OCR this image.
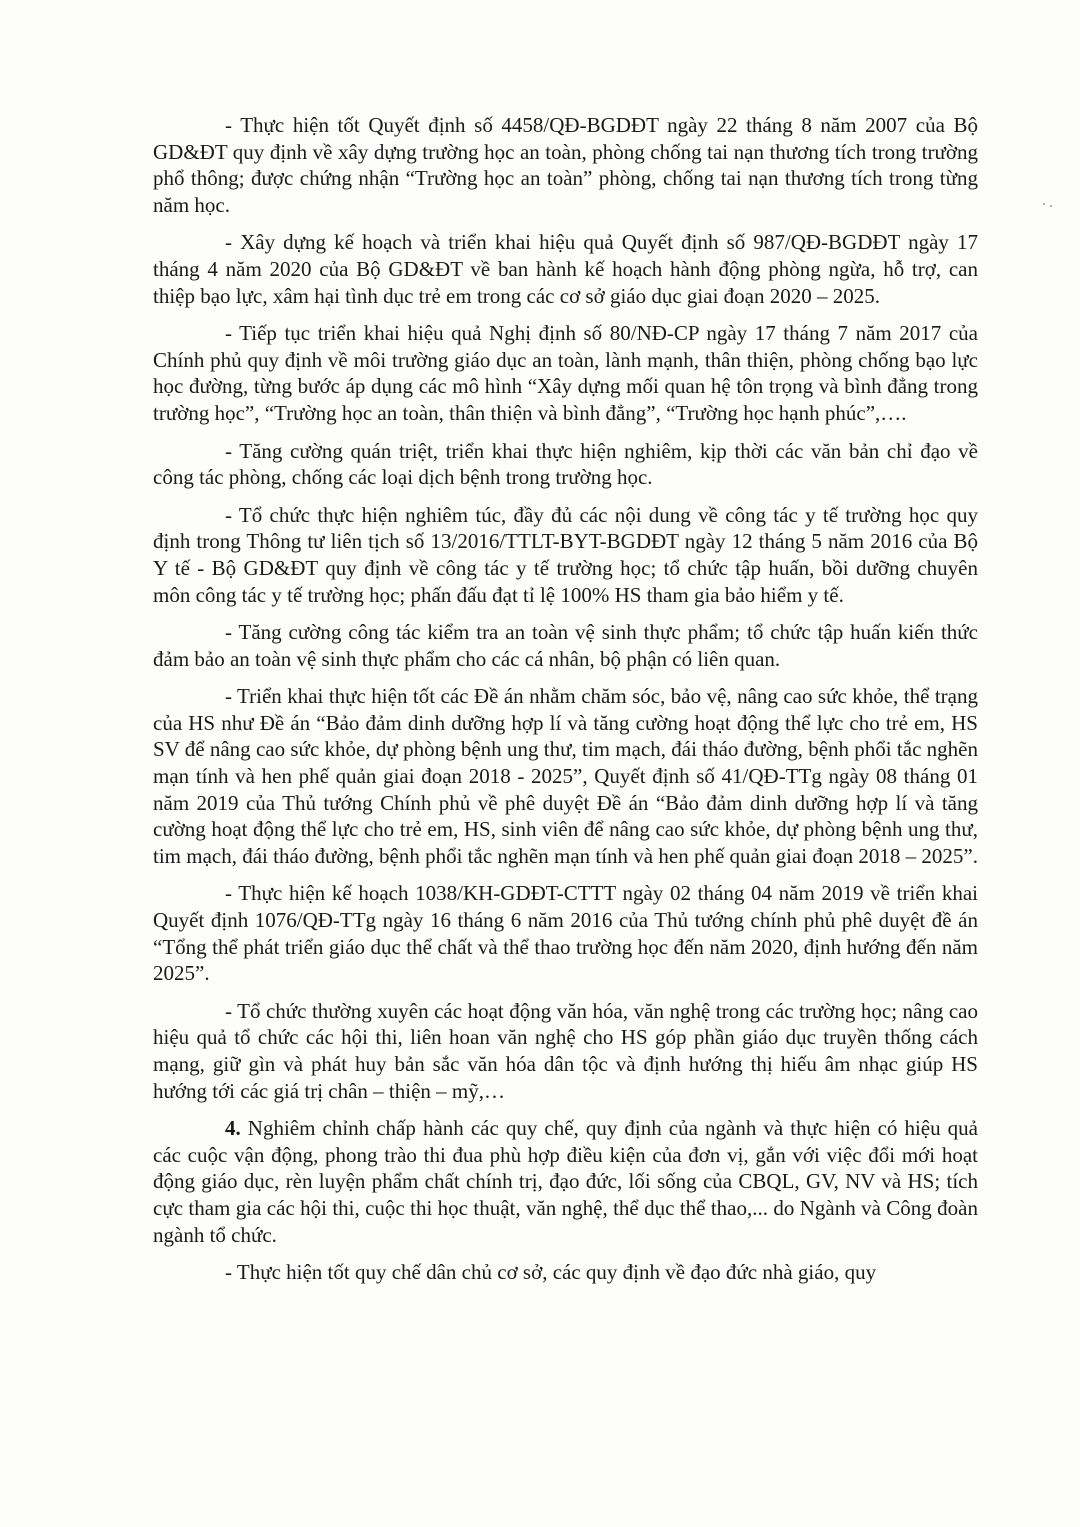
- Thực hiện tốt Quyết định số 4458/QĐ-BGDĐT ngày 22 tháng 8 năm 2007 của Bộ GD&ĐT quy định về xây dựng trường học an toàn, phòng chống tai nạn thương tích trong trường phổ thông; được chứng nhận “Trường học an toàn” phòng, chống tai nạn thương tích trong từng năm học.

- Xây dựng kế hoạch và triển khai hiệu quả Quyết định số 987/QĐ-BGDĐT ngày 17 tháng 4 năm 2020 của Bộ GD&ĐT về ban hành kế hoạch hành động phòng ngừa, hỗ trợ, can thiệp bạo lực, xâm hại tình dục trẻ em trong các cơ sở giáo dục giai đoạn 2020 – 2025.

- Tiếp tục triển khai hiệu quả Nghị định số 80/NĐ-CP ngày 17 tháng 7 năm 2017 của Chính phủ quy định về môi trường giáo dục an toàn, lành mạnh, thân thiện, phòng chống bạo lực học đường, từng bước áp dụng các mô hình “Xây dựng mối quan hệ tôn trọng và bình đẳng trong trường học”, “Trường học an toàn, thân thiện và bình đẳng”, “Trường học hạnh phúc”,….

- Tăng cường quán triệt, triển khai thực hiện nghiêm, kịp thời các văn bản chỉ đạo về công tác phòng, chống các loại dịch bệnh trong trường học.

- Tổ chức thực hiện nghiêm túc, đầy đủ các nội dung về công tác y tế trường học quy định trong Thông tư liên tịch số 13/2016/TTLT-BYT-BGDĐT ngày 12 tháng 5 năm 2016 của Bộ Y tế - Bộ GD&ĐT quy định về công tác y tế trường học; tổ chức tập huấn, bồi dưỡng chuyên môn công tác y tế trường học; phấn đấu đạt tỉ lệ 100% HS tham gia bảo hiểm y tế.

- Tăng cường công tác kiểm tra an toàn vệ sinh thực phẩm; tổ chức tập huấn kiến thức đảm bảo an toàn vệ sinh thực phẩm cho các cá nhân, bộ phận có liên quan.

- Triển khai thực hiện tốt các Đề án nhằm chăm sóc, bảo vệ, nâng cao sức khỏe, thể trạng của HS như Đề án “Bảo đảm dinh dưỡng hợp lí và tăng cường hoạt động thể lực cho trẻ em, HS SV để nâng cao sức khỏe, dự phòng bệnh ung thư, tim mạch, đái tháo đường, bệnh phổi tắc nghẽn mạn tính và hen phế quản giai đoạn 2018 - 2025”, Quyết định số 41/QĐ-TTg ngày 08 tháng 01 năm 2019 của Thủ tướng Chính phủ về phê duyệt Đề án “Bảo đảm dinh dưỡng hợp lí và tăng cường hoạt động thể lực cho trẻ em, HS, sinh viên để nâng cao sức khỏe, dự phòng bệnh ung thư, tim mạch, đái tháo đường, bệnh phổi tắc nghẽn mạn tính và hen phế quản giai đoạn 2018 – 2025”.

- Thực hiện kế hoạch 1038/KH-GDĐT-CTTT ngày 02 tháng 04 năm 2019 về triển khai Quyết định 1076/QĐ-TTg ngày 16 tháng 6 năm 2016 của Thủ tướng chính phủ phê duyệt đề án “Tổng thể phát triển giáo dục thể chất và thể thao trường học đến năm 2020, định hướng đến năm 2025”.

- Tổ chức thường xuyên các hoạt động văn hóa, văn nghệ trong các trường học; nâng cao hiệu quả tổ chức các hội thi, liên hoan văn nghệ cho HS góp phần giáo dục truyền thống cách mạng, giữ gìn và phát huy bản sắc văn hóa dân tộc và định hướng thị hiếu âm nhạc giúp HS hướng tới các giá trị chân – thiện – mỹ,…

4. Nghiêm chỉnh chấp hành các quy chế, quy định của ngành và thực hiện có hiệu quả các cuộc vận động, phong trào thi đua phù hợp điều kiện của đơn vị, gắn với việc đổi mới hoạt động giáo dục, rèn luyện phẩm chất chính trị, đạo đức, lối sống của CBQL, GV, NV và HS; tích cực tham gia các hội thi, cuộc thi học thuật, văn nghệ, thể dục thể thao,... do Ngành và Công đoàn ngành tổ chức.

- Thực hiện tốt quy chế dân chủ cơ sở, các quy định về đạo đức nhà giáo, quy
